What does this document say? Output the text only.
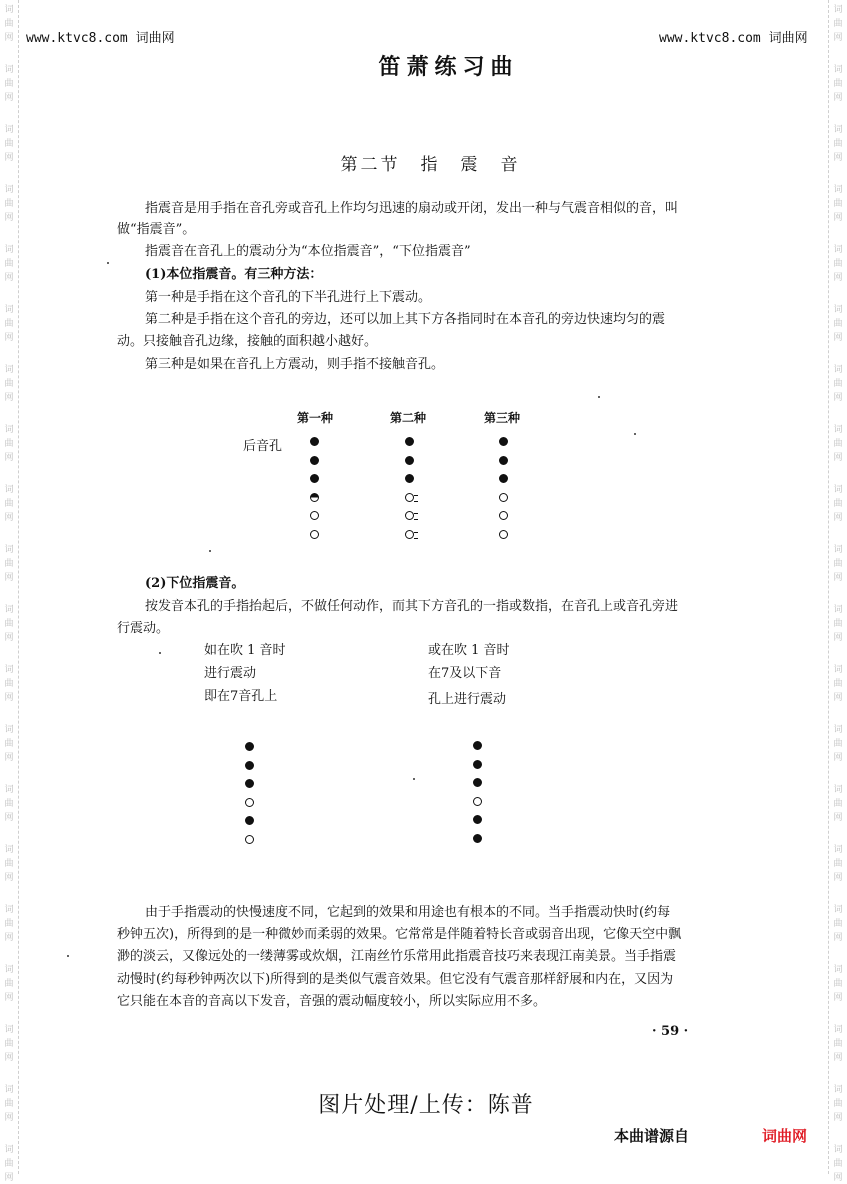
词
曲
网
词
曲
网
词
曲
网
词
曲
网
词
曲
网
词
曲
网
词
曲
网
词
曲
网
词
曲
网
词
曲
网
词
曲
网
词
曲
网
词
曲
网
词
曲
网
词
曲
网
词
曲
网
词
曲
网
词
曲
网
词
曲
网
词
曲
网
词
曲
网
词
曲
网
词
曲
网
词
曲
网
词
曲
网
词
曲
网
词
曲
网
词
曲
网
词
曲
网
词
曲
网
词
曲
网
词
曲
网
词
曲
网
词
曲
网
词
曲
网
词
曲
网
词
曲
网
词
曲
网
词
曲
网
词
曲
网
www.ktvc8.com 词曲网	www.ktvc8.com 词曲网
笛萧练习曲
第二节　指　震　音
指震音是用手指在音孔旁或音孔上作均匀迅速的扇动或开闭，发出一种与气震音相似的音，叫
做“指震音”。
指震音在音孔上的震动分为“本位指震音”，“下位指震音”
(1)本位指震音。有三种方法：
第一种是手指在这个音孔的下半孔进行上下震动。
第二种是手指在这个音孔的旁边，还可以加上其下方各指同时在本音孔的旁边快速均匀的震
动。只接触音孔边缘，接触的面积越小越好。
第三种是如果在音孔上方震动，则手指不接触音孔。
第一种	第二种	第三种
后音孔
(2)下位指震音。
按发音本孔的手指抬起后，不做任何动作，而其下方音孔的一指或数指，在音孔上或音孔旁进
行震动。
如在吹 1 音时
进行震动
即在7音孔上
或在吹 1 音时
在7及以下音
孔上进行震动
由于手指震动的快慢速度不同，它起到的效果和用途也有根本的不同。当手指震动快时(约每
秒钟五次)，所得到的是一种微妙而柔弱的效果。它常常是伴随着特长音或弱音出现，它像天空中飘
渺的淡云，又像远处的一缕薄雾或炊烟，江南丝竹乐常用此指震音技巧来表现江南美景。当手指震
动慢时(约每秒钟两次以下)所得到的是类似气震音效果。但它没有气震音那样舒展和内在，又因为
它只能在本音的音高以下发音，音强的震动幅度较小，所以实际应用不多。
· 59 ·
图片处理/上传：陈普
本曲谱源自	词曲网
